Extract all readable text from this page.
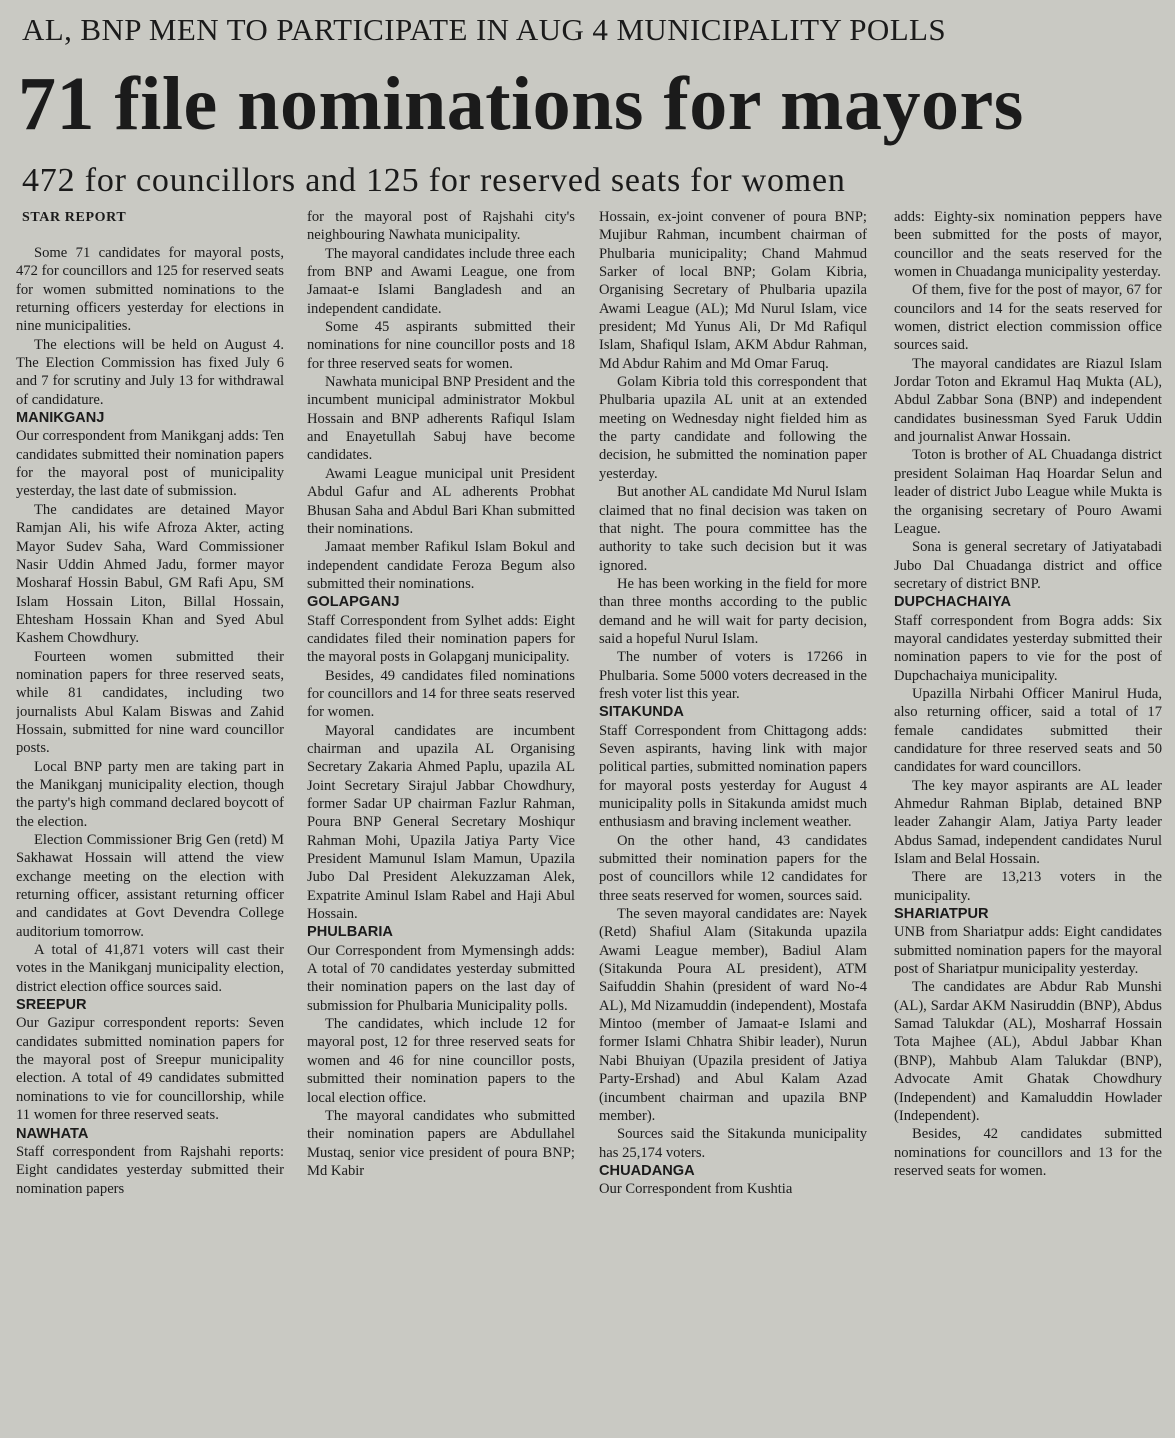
AL, BNP MEN TO PARTICIPATE IN AUG 4 MUNICIPALITY POLLS
71 file nominations for mayors
472 for councillors and 125 for reserved seats for women
STAR REPORT

Some 71 candidates for mayoral posts, 472 for councillors and 125 for reserved seats for women submitted nominations to the returning officers yesterday for elections in nine municipalities.

The elections will be held on August 4. The Election Commission has fixed July 6 and 7 for scrutiny and July 13 for withdrawal of candidature.

MANIKGANJ

Our correspondent from Manikganj adds: Ten candidates submitted their nomination papers for the mayoral post of municipality yesterday, the last date of submission.

The candidates are detained Mayor Ramjan Ali, his wife Afroza Akter, acting Mayor Sudev Saha, Ward Commissioner Nasir Uddin Ahmed Jadu, former mayor Mosharaf Hossin Babul, GM Rafi Apu, SM Islam Hossain Liton, Billal Hossain, Ehtesham Hossain Khan and Syed Abul Kashem Chowdhury.

Fourteen women submitted their nomination papers for three reserved seats, while 81 candidates, including two journalists Abul Kalam Biswas and Zahid Hossain, submitted for nine ward councillor posts.

Local BNP party men are taking part in the Manikganj municipality election, though the party's high command declared boycott of the election.

Election Commissioner Brig Gen (retd) M Sakhawat Hossain will attend the view exchange meeting on the election with returning officer, assistant returning officer and candidates at Govt Devendra College auditorium tomorrow.

A total of 41,871 voters will cast their votes in the Manikganj municipality election, district election office sources said.

SREEPUR

Our Gazipur correspondent reports: Seven candidates submitted nomination papers for the mayoral post of Sreepur municipality election. A total of 49 candidates submitted nominations to vie for councillorship, while 11 women for three reserved seats.

NAWHATA

Staff correspondent from Rajshahi reports: Eight candidates yesterday submitted their nomination papers

for the mayoral post of Rajshahi city's neighbouring Nawhata municipality.

The mayoral candidates include three each from BNP and Awami League, one from Jamaat-e Islami Bangladesh and an independent candidate.

Some 45 aspirants submitted their nominations for nine councillor posts and 18 for three reserved seats for women.

Nawhata municipal BNP President and the incumbent municipal administrator Mokbul Hossain and BNP adherents Rafiqul Islam and Enayetullah Sabuj have become candidates.

Awami League municipal unit President Abdul Gafur and AL adherents Probhat Bhusan Saha and Abdul Bari Khan submitted their nominations.

Jamaat member Rafikul Islam Bokul and independent candidate Feroza Begum also submitted their nominations.

GOLAPGANJ

Staff Correspondent from Sylhet adds: Eight candidates filed their nomination papers for the mayoral posts in Golapganj municipality.

Besides, 49 candidates filed nominations for councillors and 14 for three seats reserved for women.

Mayoral candidates are incumbent chairman and upazila AL Organising Secretary Zakaria Ahmed Paplu, upazila AL Joint Secretary Sirajul Jabbar Chowdhury, former Sadar UP chairman Fazlur Rahman, Poura BNP General Secretary Moshiqur Rahman Mohi, Upazila Jatiya Party Vice President Mamunul Islam Mamun, Upazila Jubo Dal President Alekuzzaman Alek, Expatrite Aminul Islam Rabel and Haji Abul Hossain.

PHULBARIA

Our Correspondent from Mymensingh adds: A total of 70 candidates yesterday submitted their nomination papers on the last day of submission for Phulbaria Municipality polls.

The candidates, which include 12 for mayoral post, 12 for three reserved seats for women and 46 for nine councillor posts, submitted their nomination papers to the local election office.

The mayoral candidates who submitted their nomination papers are Abdullahel Mustaq, senior vice president of poura BNP; Md Kabir

Hossain, ex-joint convener of poura BNP; Mujibur Rahman, incumbent chairman of Phulbaria municipality; Chand Mahmud Sarker of local BNP; Golam Kibria, Organising Secretary of Phulbaria upazila Awami League (AL); Md Nurul Islam, vice president; Md Yunus Ali, Dr Md Rafiqul Islam, Shafiqul Islam, AKM Abdur Rahman, Md Abdur Rahim and Md Omar Faruq.

Golam Kibria told this correspondent that Phulbaria upazila AL unit at an extended meeting on Wednesday night fielded him as the party candidate and following the decision, he submitted the nomination paper yesterday.

But another AL candidate Md Nurul Islam claimed that no final decision was taken on that night. The poura committee has the authority to take such decision but it was ignored.

He has been working in the field for more than three months according to the public demand and he will wait for party decision, said a hopeful Nurul Islam.

The number of voters is 17266 in Phulbaria. Some 5000 voters decreased in the fresh voter list this year.

SITAKUNDA

Staff Correspondent from Chittagong adds: Seven aspirants, having link with major political parties, submitted nomination papers for mayoral posts yesterday for August 4 municipality polls in Sitakunda amidst much enthusiasm and braving inclement weather.

On the other hand, 43 candidates submitted their nomination papers for the post of councillors while 12 candidates for three seats reserved for women, sources said.

The seven mayoral candidates are: Nayek (Retd) Shafiul Alam (Sitakunda upazila Awami League member), Badiul Alam (Sitakunda Poura AL president), ATM Saifuddin Shahin (president of ward No-4 AL), Md Nizamuddin (independent), Mostafa Mintoo (member of Jamaat-e Islami and former Islami Chhatra Shibir leader), Nurun Nabi Bhuiyan (Upazila president of Jatiya Party-Ershad) and Abul Kalam Azad (incumbent chairman and upazila BNP member).

Sources said the Sitakunda municipality has 25,174 voters.

CHUADANGA

Our Correspondent from Kushtia

adds: Eighty-six nomination peppers have been submitted for the posts of mayor, councillor and the seats reserved for the women in Chuadanga municipality yesterday.

Of them, five for the post of mayor, 67 for councilors and 14 for the seats reserved for women, district election commission office sources said.

The mayoral candidates are Riazul Islam Jordar Toton and Ekramul Haq Mukta (AL), Abdul Zabbar Sona (BNP) and independent candidates businessman Syed Faruk Uddin and journalist Anwar Hossain.

Toton is brother of AL Chuadanga district president Solaiman Haq Hoardar Selun and leader of district Jubo League while Mukta is the organising secretary of Pouro Awami League.

Sona is general secretary of Jatiyatabadi Jubo Dal Chuadanga district and office secretary of district BNP.

DUPCHACHAIYA

Staff correspondent from Bogra adds: Six mayoral candidates yesterday submitted their nomination papers to vie for the post of Dupchachaiya municipality.

Upazilla Nirbahi Officer Manirul Huda, also returning officer, said a total of 17 female candidates submitted their candidature for three reserved seats and 50 candidates for ward councillors.

The key mayor aspirants are AL leader Ahmedur Rahman Biplab, detained BNP leader Zahangir Alam, Jatiya Party leader Abdus Samad, independent candidates Nurul Islam and Belal Hossain.

There are 13,213 voters in the municipality.

SHARIATPUR

UNB from Shariatpur adds: Eight candidates submitted nomination papers for the mayoral post of Shariatpur municipality yesterday.

The candidates are Abdur Rab Munshi (AL), Sardar AKM Nasiruddin (BNP), Abdus Samad Talukdar (AL), Mosharraf Hossain Tota Majhee (AL), Abdul Jabbar Khan (BNP), Mahbub Alam Talukdar (BNP), Advocate Amit Ghatak Chowdhury (Independent) and Kamaluddin Howlader (Independent).

Besides, 42 candidates submitted nominations for councillors and 13 for the reserved seats for women.
